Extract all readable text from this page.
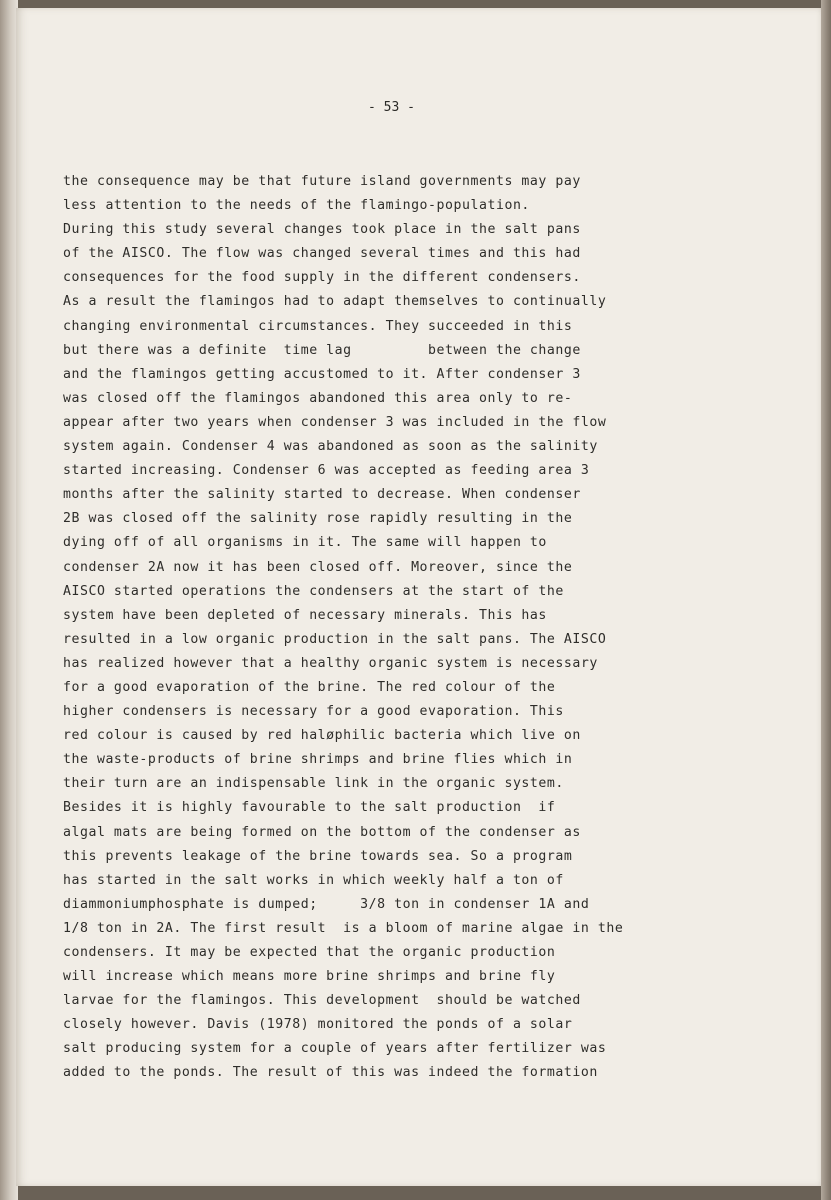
- 53 -
the consequence may be that future island governments may pay
less attention to the needs of the flamingo-population.
During this study several changes took place in the salt pans
of the AISCO. The flow was changed several times and this had
consequences for the food supply in the different condensers.
As a result the flamingos had to adapt themselves to continually
changing environmental circumstances. They succeeded in this
but there was a definite  time lag         between the change
and the flamingos getting accustomed to it. After condenser 3
was closed off the flamingos abandoned this area only to re-
appear after two years when condenser 3 was included in the flow
system again. Condenser 4 was abandoned as soon as the salinity
started increasing. Condenser 6 was accepted as feeding area 3
months after the salinity started to decrease. When condenser
2B was closed off the salinity rose rapidly resulting in the
dying off of all organisms in it. The same will happen to
condenser 2A now it has been closed off. Moreover, since the
AISCO started operations the condensers at the start of the
system have been depleted of necessary minerals. This has
resulted in a low organic production in the salt pans. The AISCO
has realized however that a healthy organic system is necessary
for a good evaporation of the brine. The red colour of the
higher condensers is necessary for a good evaporation. This
red colour is caused by red haløphilic bacteria which live on
the waste-products of brine shrimps and brine flies which in
their turn are an indispensable link in the organic system.
Besides it is highly favourable to the salt production  if
algal mats are being formed on the bottom of the condenser as
this prevents leakage of the brine towards sea. So a program
has started in the salt works in which weekly half a ton of
diammoniumphosphate is dumped;     3/8 ton in condenser 1A and
1/8 ton in 2A. The first result  is a bloom of marine algae in the
condensers. It may be expected that the organic production
will increase which means more brine shrimps and brine fly
larvae for the flamingos. This development  should be watched
closely however. Davis (1978) monitored the ponds of a solar
salt producing system for a couple of years after fertilizer was
added to the ponds. The result of this was indeed the formation
